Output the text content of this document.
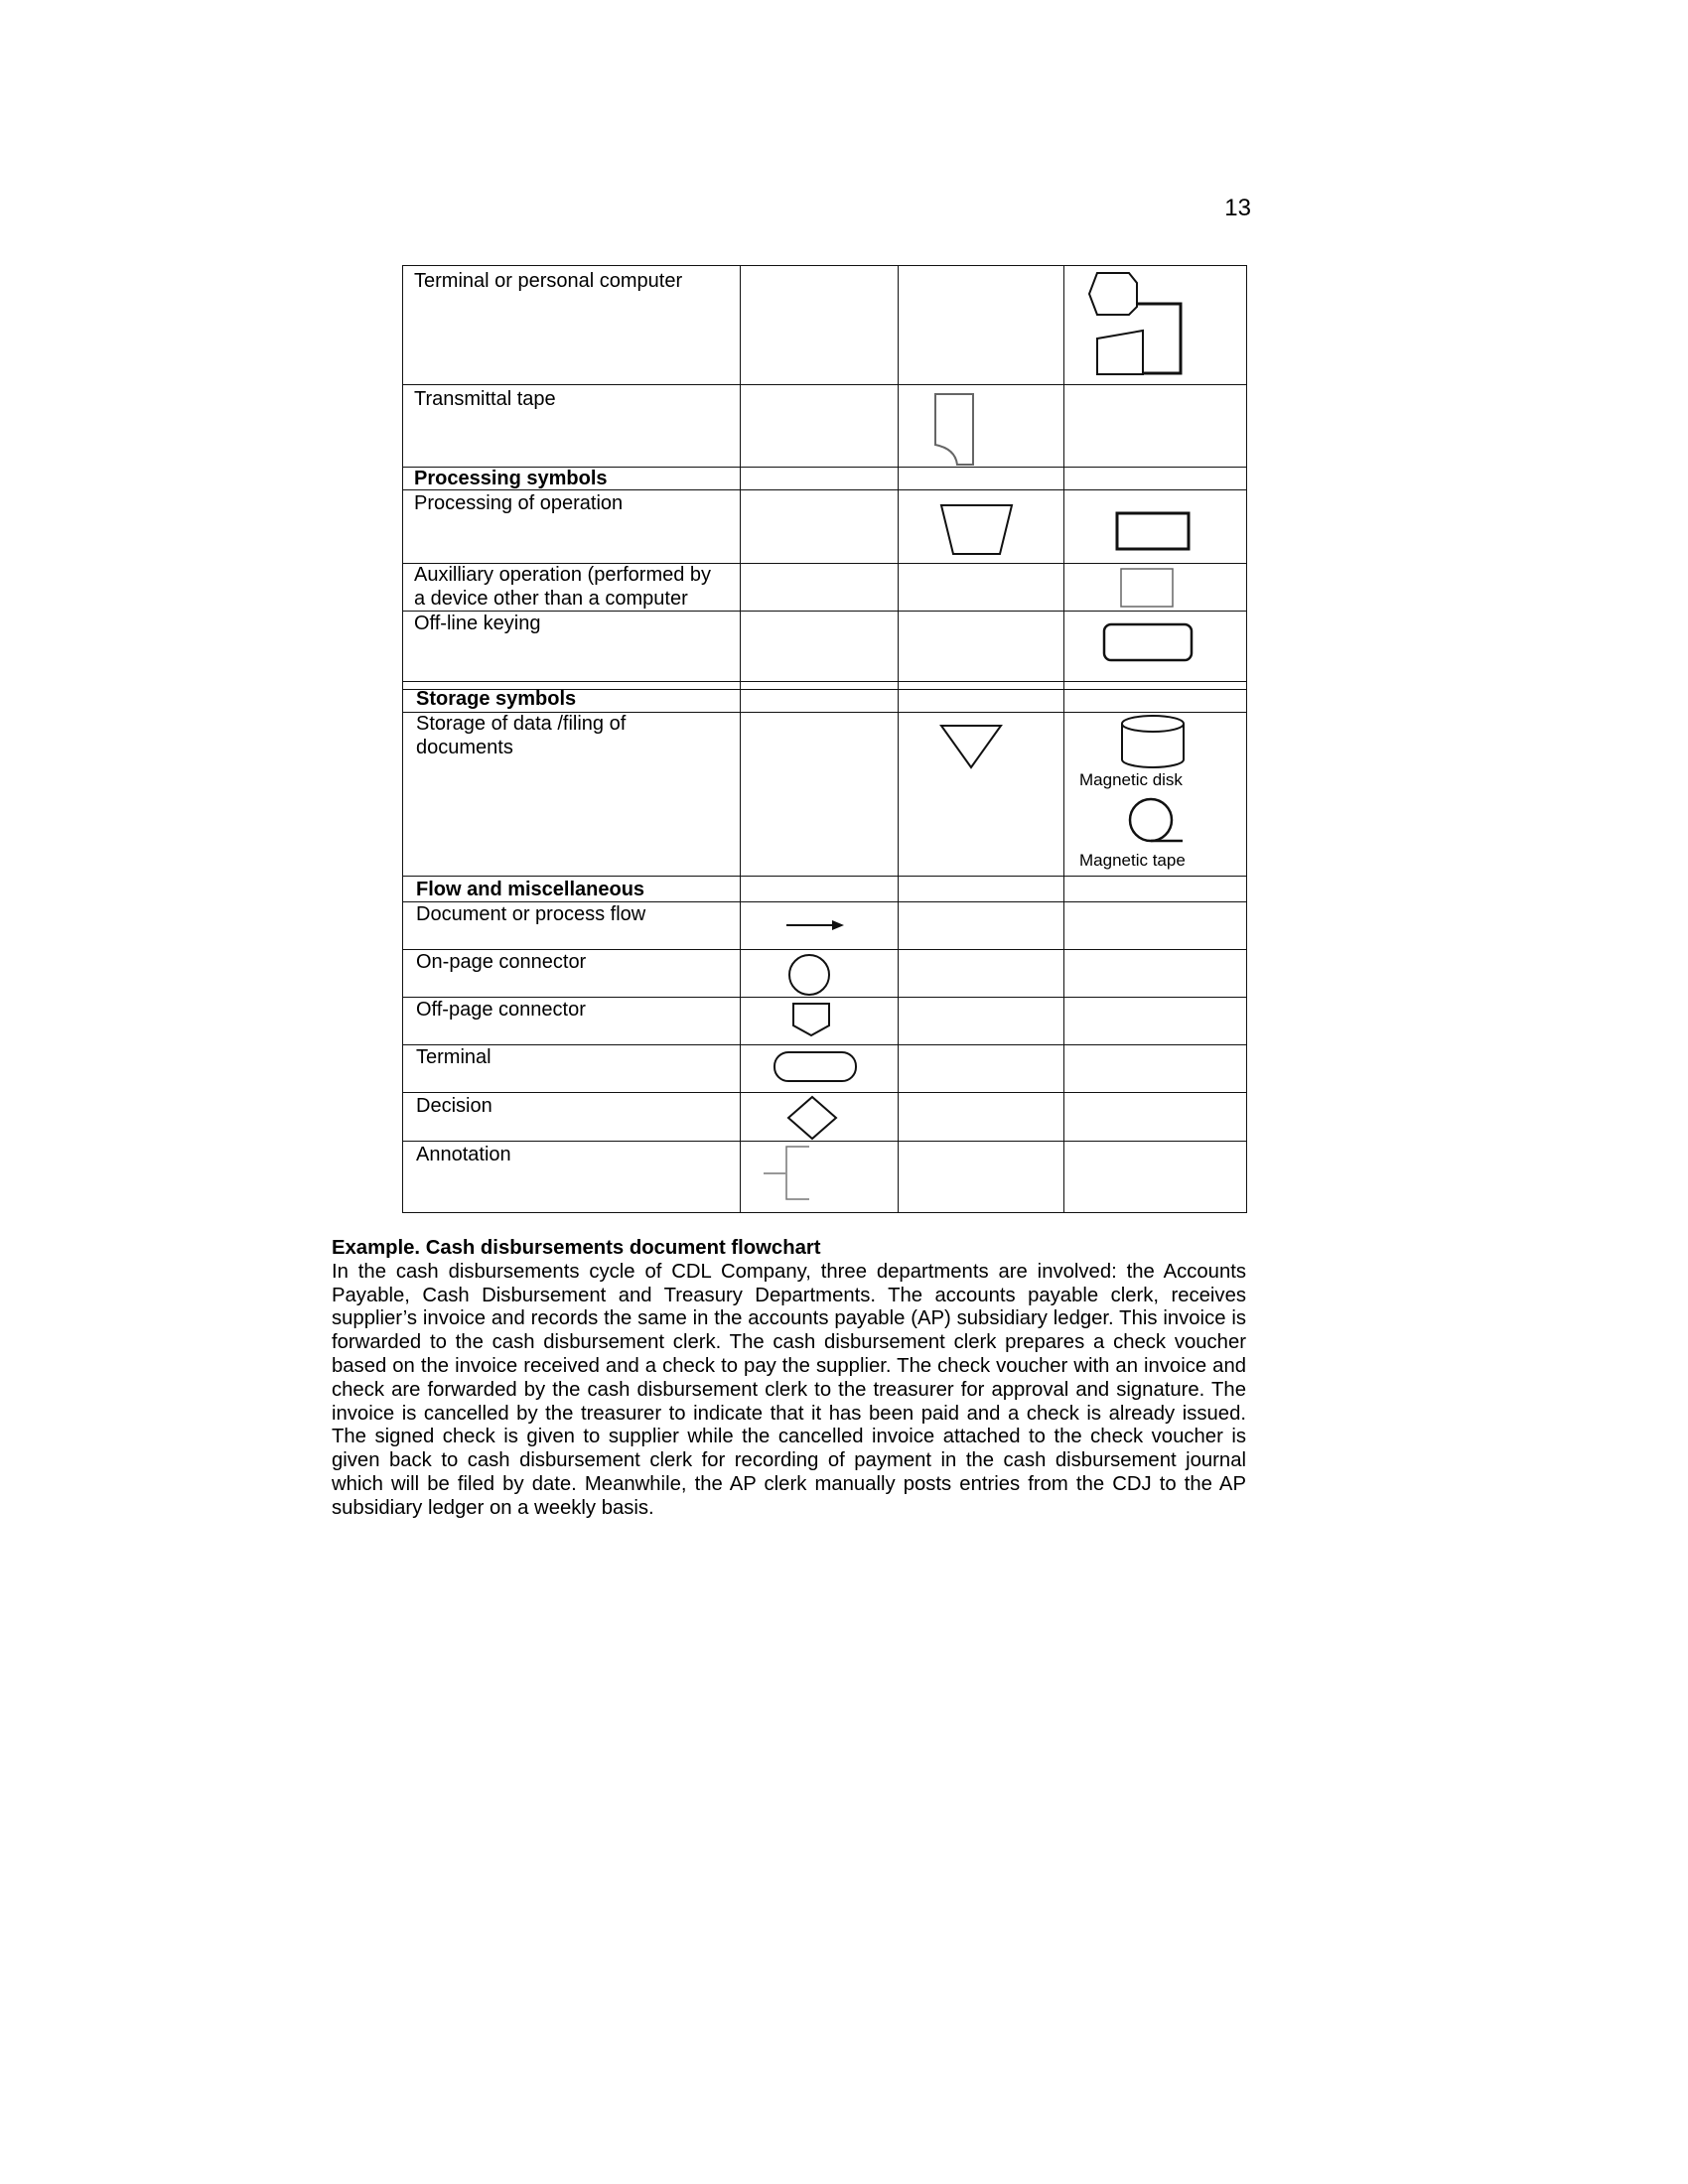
13
Terminal or personal computer
Transmittal tape
Processing symbols
Processing of operation
Auxilliary operation (performed by
a device other than a computer
Off-line keying
Storage symbols
Storage of data /filing of
documents
Flow and miscellaneous
Document or process flow
On-page connector
Off-page connector
Terminal
Decision
Annotation
Magnetic disk
Magnetic tape

Example. Cash disbursements document flowchart

In the cash disbursements cycle of CDL Company, three departments are involved: the Accounts Payable, Cash Disbursement and Treasury Departments. The accounts payable clerk, receives supplier’s invoice and records the same in the accounts payable (AP) subsidiary ledger. This invoice is forwarded to the cash disbursement clerk. The cash disbursement clerk prepares a check voucher based on the invoice received and a check to pay the supplier. The check voucher with an invoice and check are forwarded by the cash disbursement clerk to the treasurer for approval and signature. The invoice is cancelled by the treasurer to indicate that it has been paid and a check is already issued. The signed check is given to supplier while the cancelled invoice attached to the check voucher is given back to cash disbursement clerk for recording of payment in the cash disbursement journal which will be filed by date. Meanwhile, the AP clerk manually posts entries from the CDJ to the AP subsidiary ledger on a weekly basis.
